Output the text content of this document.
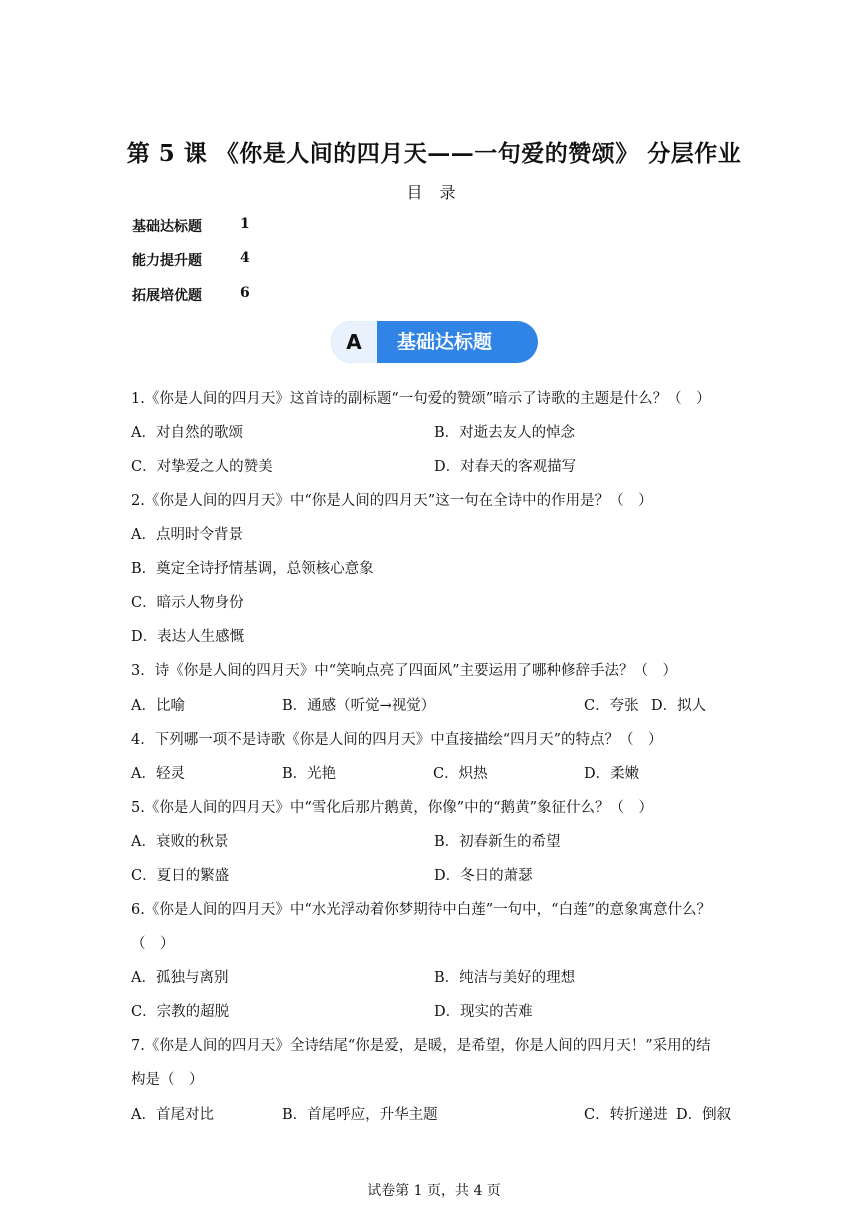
第 5 课 《你是人间的四月天——一句爱的赞颂》 分层作业
目 录
基础达标题	1
能力提升题	4
拓展培优题	6
A	基础达标题
1.《你是人间的四月天》这首诗的副标题“一句爱的赞颂”暗示了诗歌的主题是什么？（　）
A．对自然的歌颂	B．对逝去友人的悼念
C．对挚爱之人的赞美	D．对春天的客观描写
2.《你是人间的四月天》中“你是人间的四月天”这一句在全诗中的作用是？（　）
A．点明时令背景
B．奠定全诗抒情基调，总领核心意象
C．暗示人物身份
D．表达人生感慨
3．诗《你是人间的四月天》中“笑响点亮了四面风”主要运用了哪种修辞手法？（　）
A．比喻	B．通感（听觉→视觉）	C．夸张 D．拟人
4．下列哪一项不是诗歌《你是人间的四月天》中直接描绘“四月天”的特点？（　）
A．轻灵	B．光艳	C．炽热	D．柔嫩
5.《你是人间的四月天》中“雪化后那片鹅黄，你像”中的“鹅黄”象征什么？（　）
A．衰败的秋景	B．初春新生的希望
C．夏日的繁盛	D．冬日的萧瑟
6.《你是人间的四月天》中“水光浮动着你梦期待中白莲”一句中，“白莲”的意象寓意什么？
（　）
A．孤独与离别	B．纯洁与美好的理想
C．宗教的超脱	D．现实的苦难
7.《你是人间的四月天》全诗结尾“你是爱，是暖，是希望，你是人间的四月天！”采用的结
构是（　）
A．首尾对比	B．首尾呼应，升华主题	C．转折递进 D．倒叙
试卷第 1 页，共 4 页
